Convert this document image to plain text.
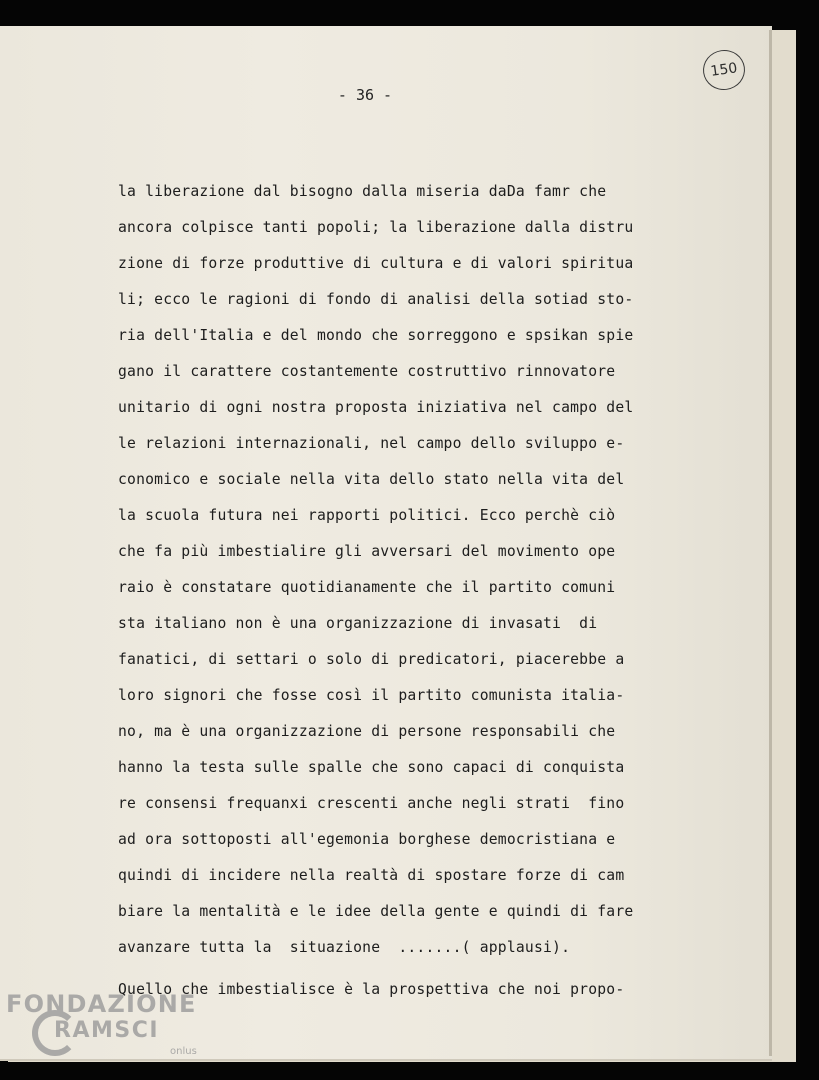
- 36 -
150
la liberazione dal bisogno dalla miseria daDa famr che
ancora colpisce tanti popoli; la liberazione dalla distru
zione di forze produttive di cultura e di valori spiritua
li; ecco le ragioni di fondo di analisi della sotiad sto-
ria dell'Italia e del mondo che sorreggono e spsikan spie
gano il carattere costantemente costruttivo rinnovatore
unitario di ogni nostra proposta iniziativa nel campo del
le relazioni internazionali, nel campo dello sviluppo e-
conomico e sociale nella vita dello stato nella vita del
la scuola futura nei rapporti politici. Ecco perchè ciò
che fa più imbestialire gli avversari del movimento ope
raio è constatare quotidianamente che il partito comuni
sta italiano non è una organizzazione di invasati  di
fanatici, di settari o solo di predicatori, piacerebbe a
loro signori che fosse così il partito comunista italia-
no, ma è una organizzazione di persone responsabili che
hanno la testa sulle spalle che sono capaci di conquista
re consensi frequanxi crescenti anche negli strati  fino
ad ora sottoposti all'egemonia borghese democristiana e
quindi di incidere nella realtà di spostare forze di cam
biare la mentalità e le idee della gente e quindi di fare
avanzare tutta la  situazione  .......( applausi).
Quello che imbestialisce è la prospettiva che noi propo-
FONDAZIONE
RAMSCI
onlus
